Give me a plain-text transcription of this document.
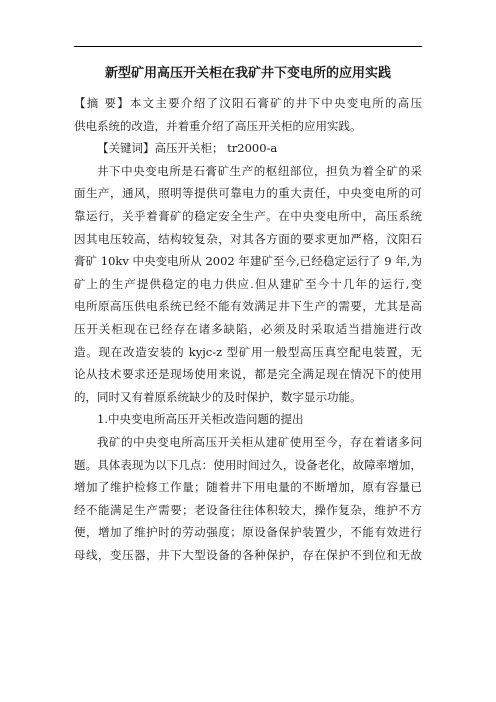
新型矿用高压开关柜在我矿井下变电所的应用实践
【摘 要】本文主要介绍了汶阳石膏矿的井下中央变电所的高压
供电系统的改造，并着重介绍了高压开关柜的应用实践。
【关键词】高压开关柜； tr2000-a
井下中央变电所是石膏矿生产的枢纽部位，担负为着全矿的采
面生产，通风，照明等提供可靠电力的重大责任，中央变电所的可
靠运行，关乎着膏矿的稳定安全生产。在中央变电所中，高压系统
因其电压较高，结构较复杂，对其各方面的要求更加严格，汶阳石
膏矿 10kv 中央变电所从 2002 年建矿至今,已经稳定运行了 9 年,为
矿上的生产提供稳定的电力供应.但从建矿至今十几年的运行,变
电所原高压供电系统已经不能有效满足井下生产的需要，尤其是高
压开关柜现在已经存在诸多缺陷，必须及时采取适当措施进行改
造。现在改造安装的 kyjc-z 型矿用一般型高压真空配电装置，无
论从技术要求还是现场使用来说，都是完全满足现在情况下的使用
的，同时又有着原系统缺少的及时保护，数字显示功能。
1.中央变电所高压开关柜改造问题的提出
我矿的中央变电所高压开关柜从建矿使用至今，存在着诸多问
题。具体表现为以下几点：使用时间过久，设备老化，故障率增加，
增加了维护检修工作量；随着井下用电量的不断增加，原有容量已
经不能满足生产需要；老设备往往体积较大，操作复杂，维护不方
便，增加了维护时的劳动强度；原设备保护装置少，不能有效进行
母线，变压器，井下大型设备的各种保护，存在保护不到位和无故
